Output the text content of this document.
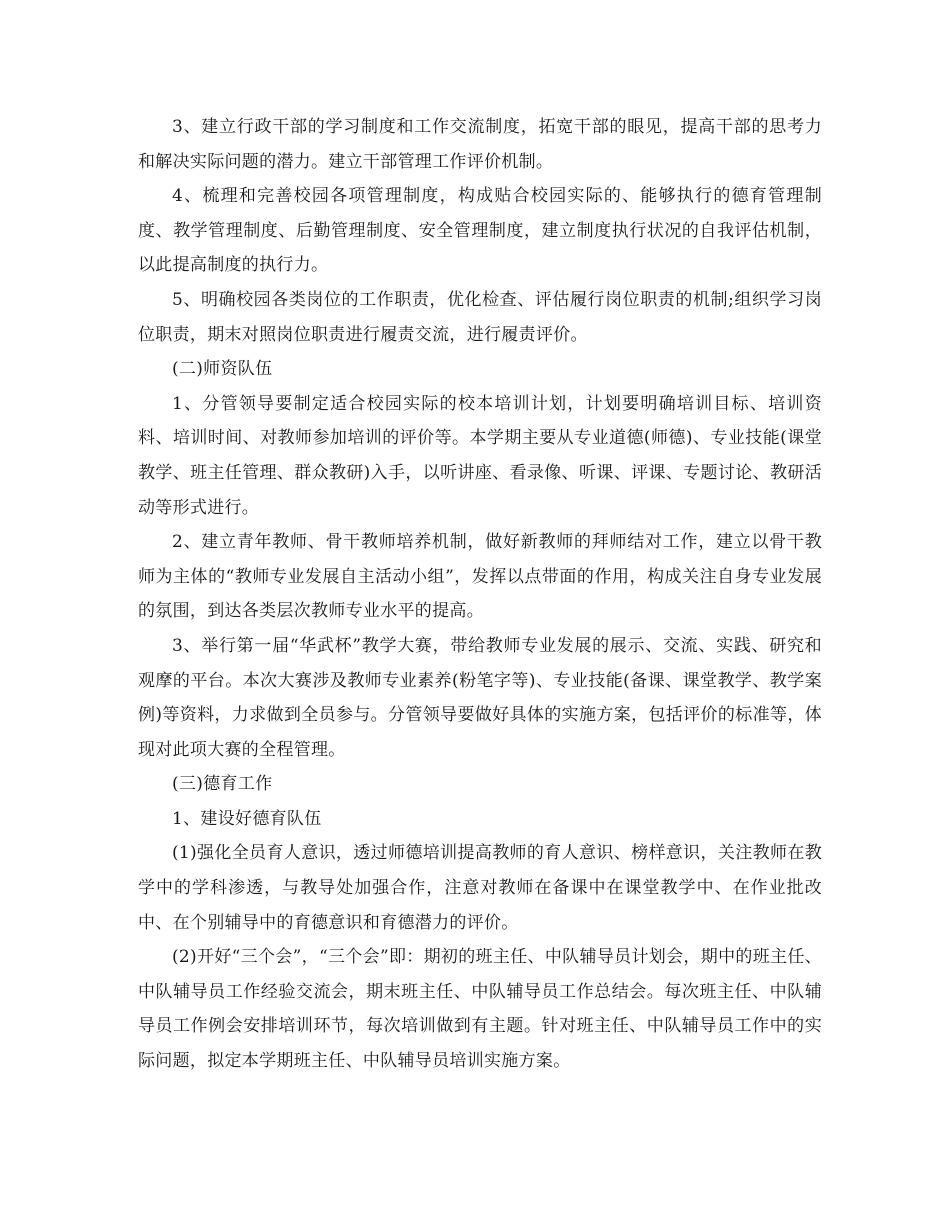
3、建立行政干部的学习制度和工作交流制度，拓宽干部的眼见，提高干部的思考力和解决实际问题的潜力。建立干部管理工作评价机制。

4、梳理和完善校园各项管理制度，构成贴合校园实际的、能够执行的德育管理制度、教学管理制度、后勤管理制度、安全管理制度，建立制度执行状况的自我评估机制，以此提高制度的执行力。

5、明确校园各类岗位的工作职责，优化检查、评估履行岗位职责的机制;组织学习岗位职责，期末对照岗位职责进行履责交流，进行履责评价。

(二)师资队伍

1、分管领导要制定适合校园实际的校本培训计划，计划要明确培训目标、培训资料、培训时间、对教师参加培训的评价等。本学期主要从专业道德(师德)、专业技能(课堂教学、班主任管理、群众教研)入手，以听讲座、看录像、听课、评课、专题讨论、教研活动等形式进行。

2、建立青年教师、骨干教师培养机制，做好新教师的拜师结对工作，建立以骨干教师为主体的“教师专业发展自主活动小组”，发挥以点带面的作用，构成关注自身专业发展的氛围，到达各类层次教师专业水平的提高。

3、举行第一届“华武杯”教学大赛，带给教师专业发展的展示、交流、实践、研究和观摩的平台。本次大赛涉及教师专业素养(粉笔字等)、专业技能(备课、课堂教学、教学案例)等资料，力求做到全员参与。分管领导要做好具体的实施方案，包括评价的标准等，体现对此项大赛的全程管理。

(三)德育工作

1、建设好德育队伍

(1)强化全员育人意识，透过师德培训提高教师的育人意识、榜样意识，关注教师在教学中的学科渗透，与教导处加强合作，注意对教师在备课中在课堂教学中、在作业批改中、在个别辅导中的育德意识和育德潜力的评价。

(2)开好“三个会”，“三个会”即：期初的班主任、中队辅导员计划会，期中的班主任、中队辅导员工作经验交流会，期末班主任、中队辅导员工作总结会。每次班主任、中队辅导员工作例会安排培训环节，每次培训做到有主题。针对班主任、中队辅导员工作中的实际问题，拟定本学期班主任、中队辅导员培训实施方案。
